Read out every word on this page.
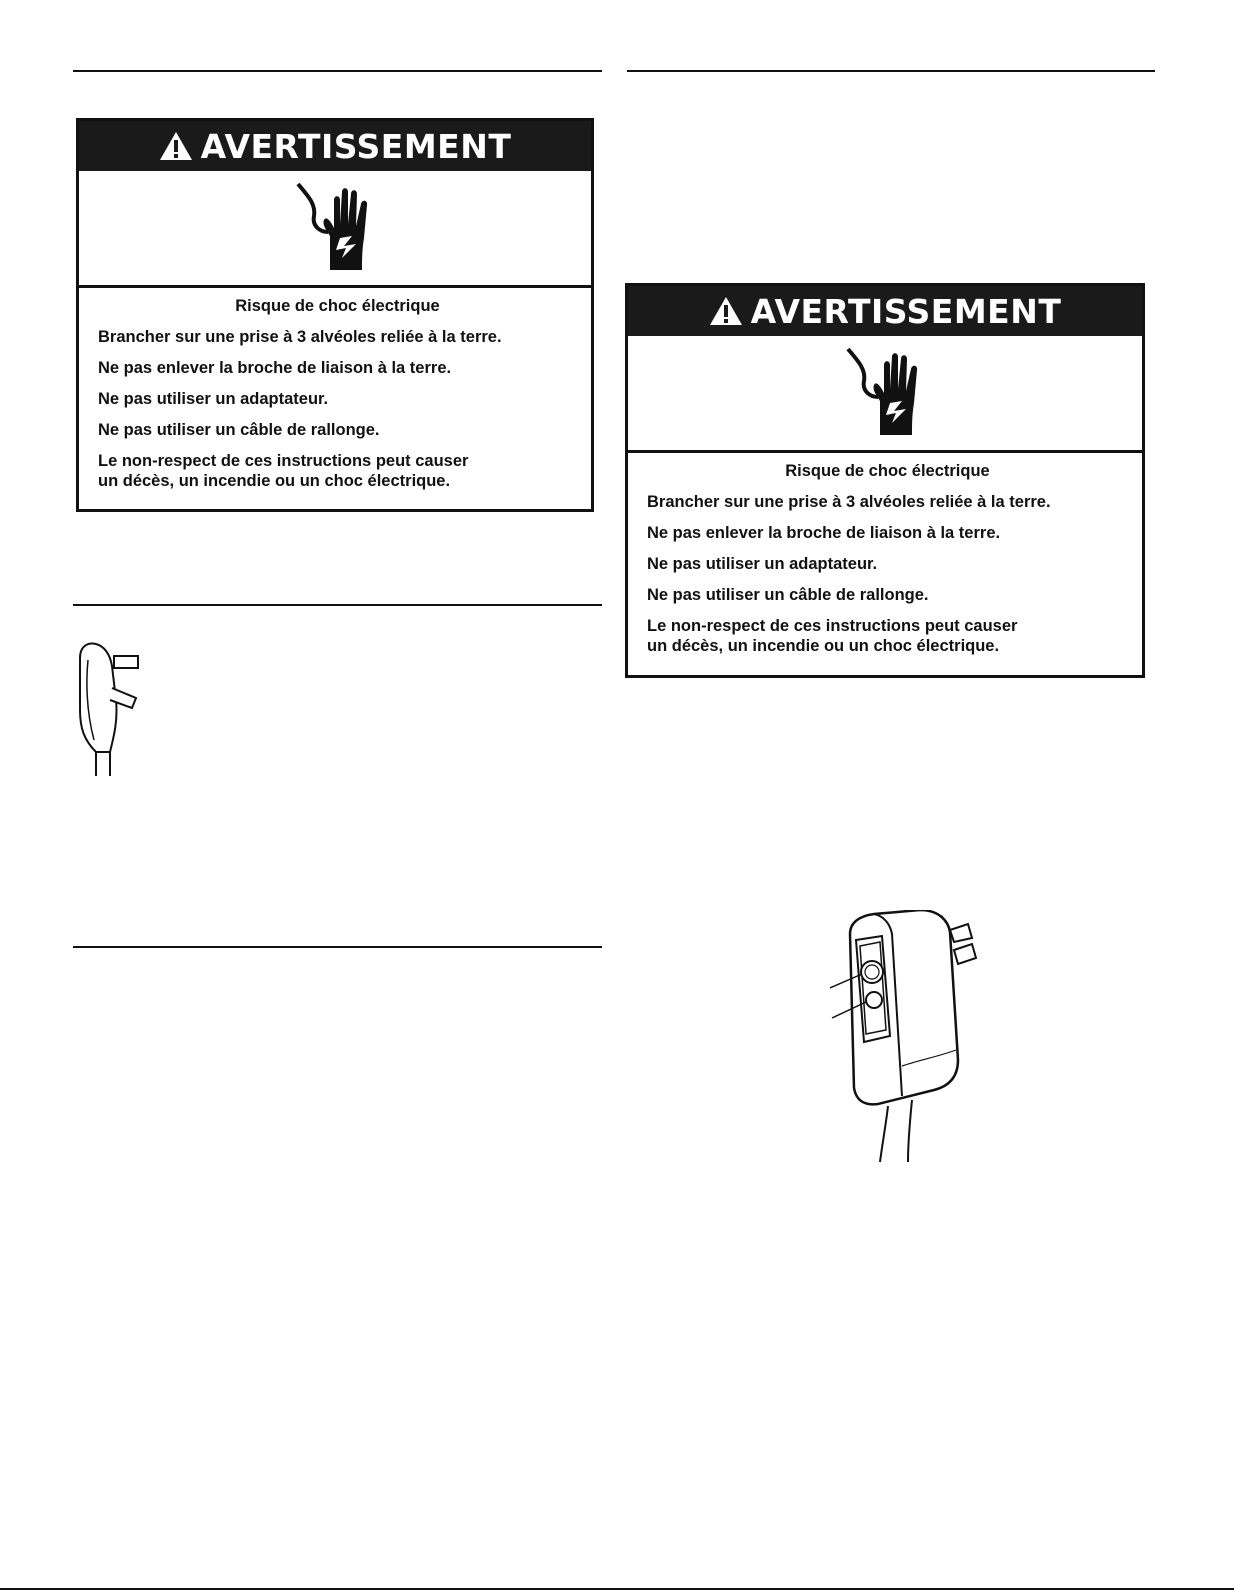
AVERTISSEMENT
Risque de choc électrique
Brancher sur une prise à 3 alvéoles reliée à la terre.
Ne pas enlever la broche de liaison à la terre.
Ne pas utiliser un adaptateur.
Ne pas utiliser un câble de rallonge.
Le non-respect de ces instructions peut causer
un décès, un incendie ou un choc électrique.
AVERTISSEMENT
Risque de choc électrique
Brancher sur une prise à 3 alvéoles reliée à la terre.
Ne pas enlever la broche de liaison à la terre.
Ne pas utiliser un adaptateur.
Ne pas utiliser un câble de rallonge.
Le non-respect de ces instructions peut causer
un décès, un incendie ou un choc électrique.
